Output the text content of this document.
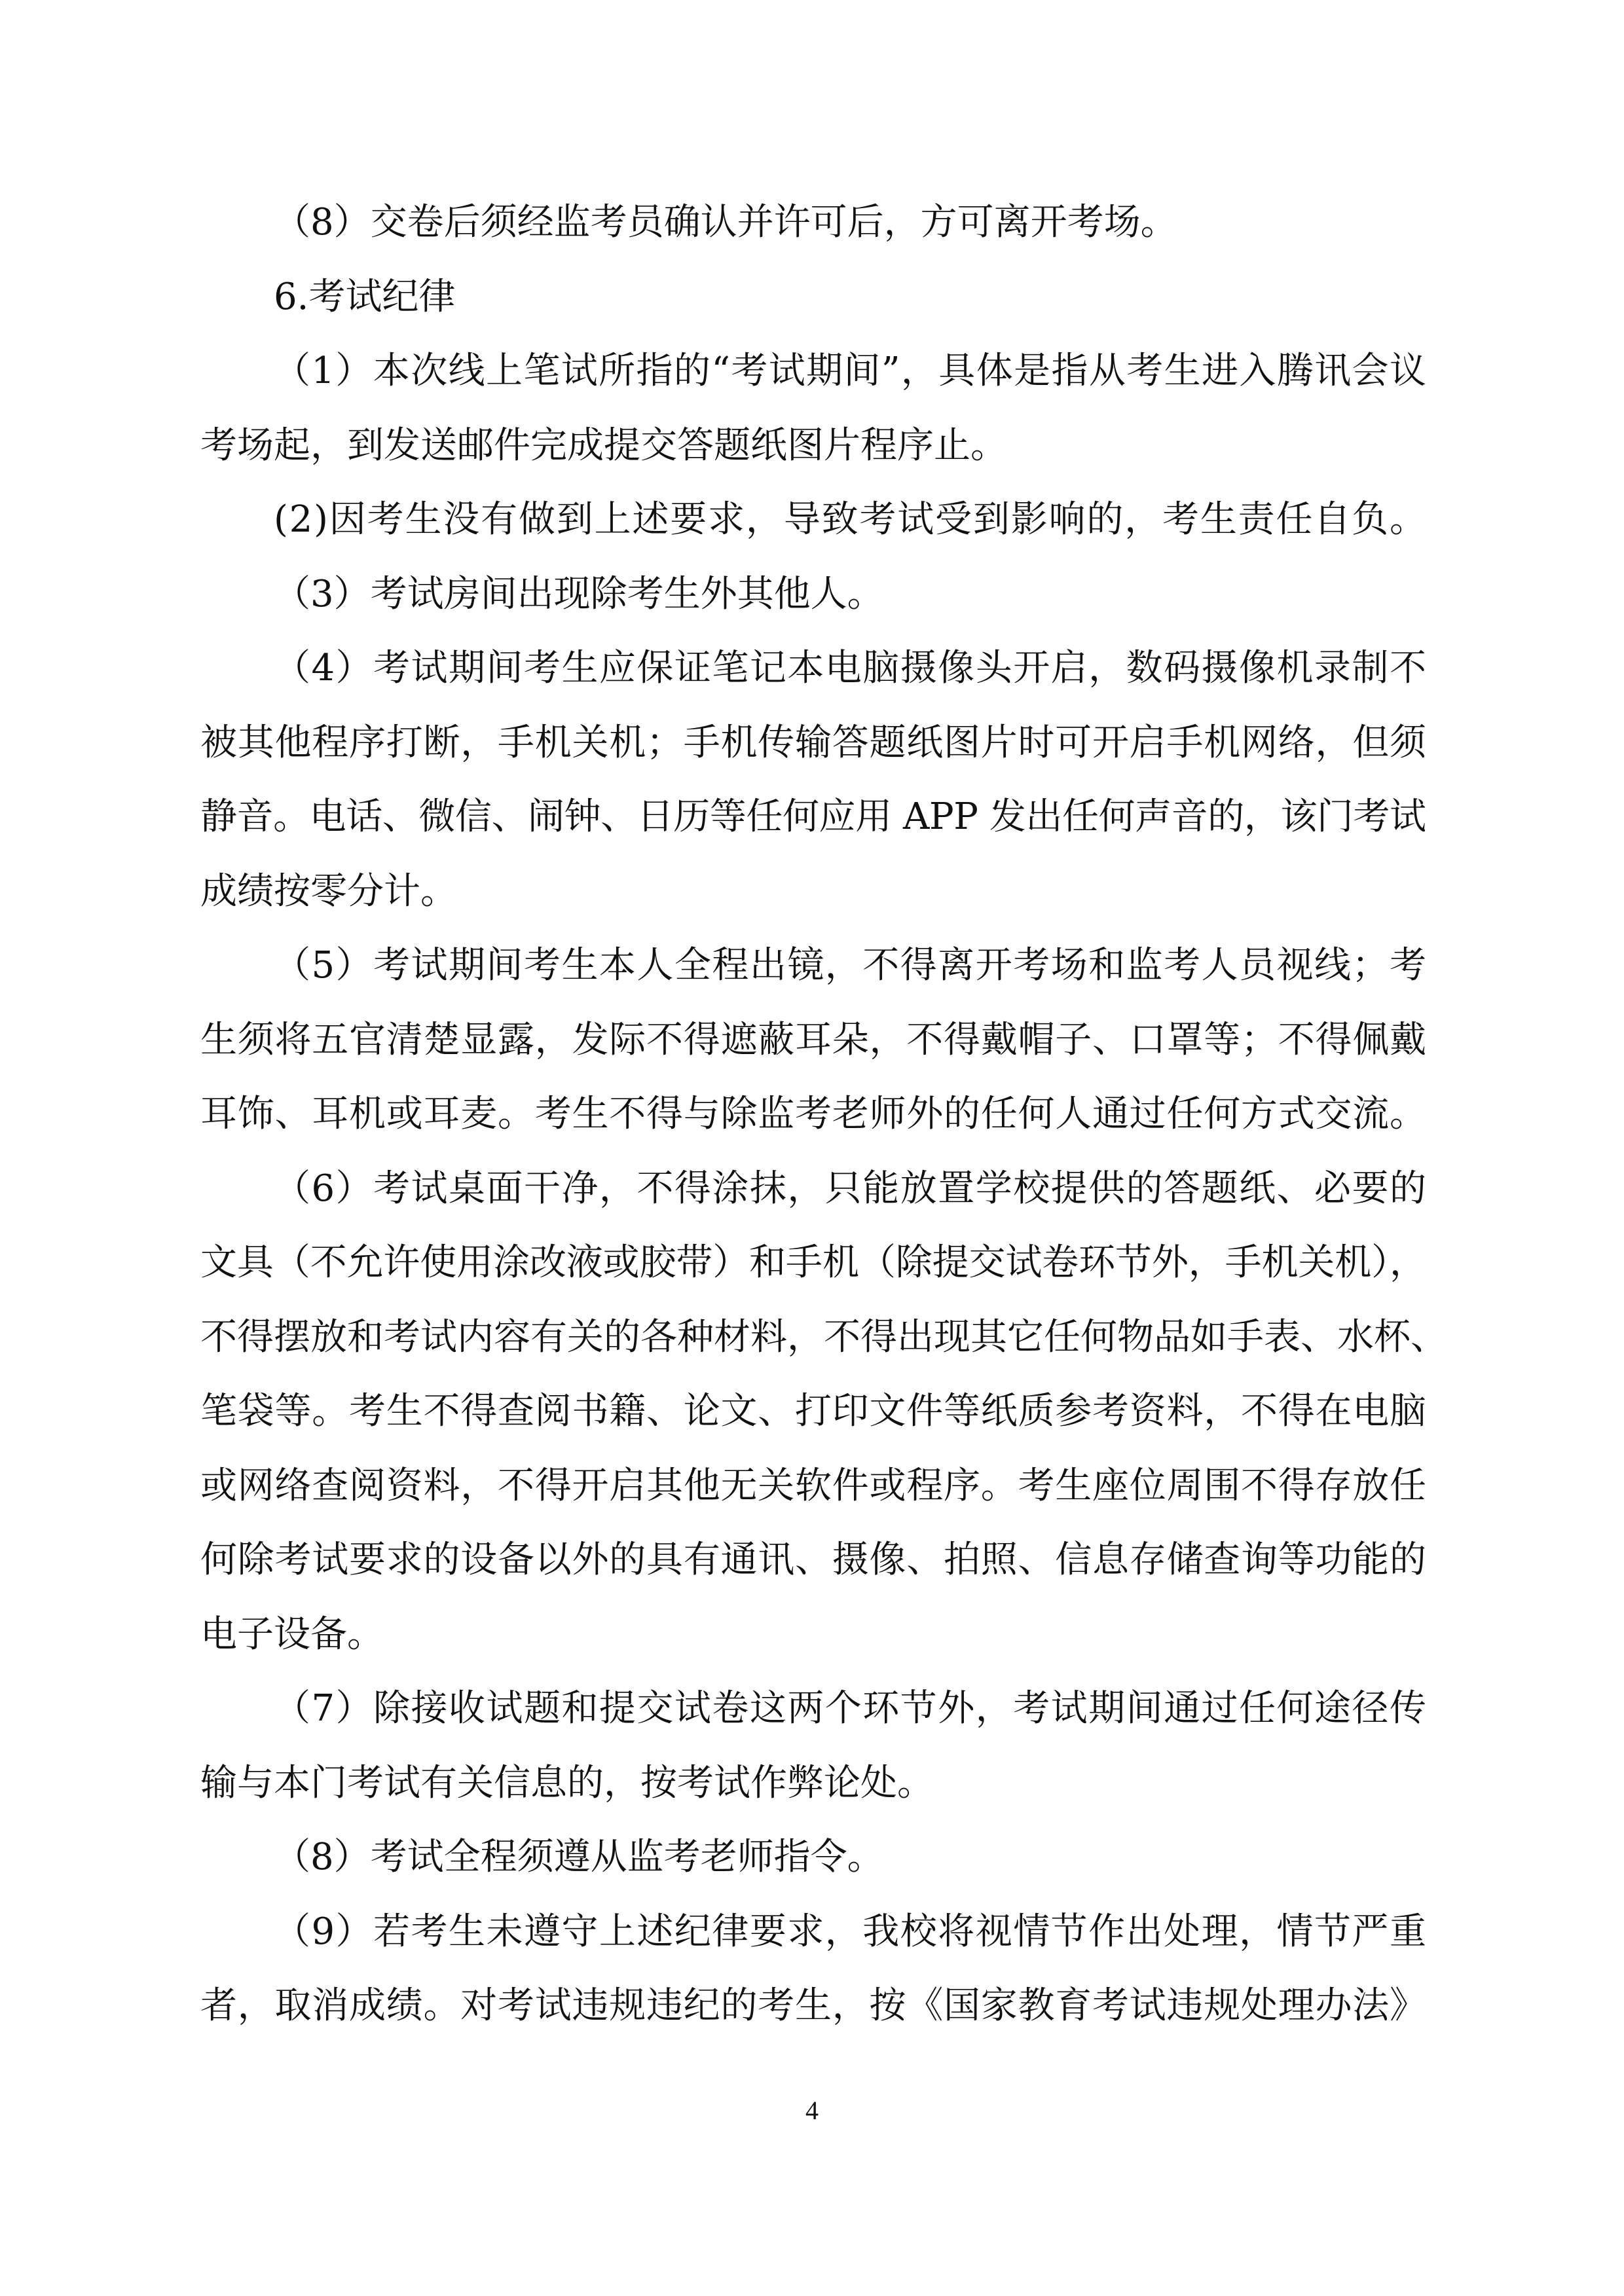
（8）交卷后须经监考员确认并许可后，方可离开考场。
6.考试纪律
（1）本次线上笔试所指的“考试期间”，具体是指从考生进入腾讯会议
考场起，到发送邮件完成提交答题纸图片程序止。
(2)因考生没有做到上述要求，导致考试受到影响的，考生责任自负。
（3）考试房间出现除考生外其他人。
（4）考试期间考生应保证笔记本电脑摄像头开启，数码摄像机录制不
被其他程序打断，手机关机；手机传输答题纸图片时可开启手机网络，但须
静音。电话、微信、闹钟、日历等任何应用 APP 发出任何声音的，该门考试
成绩按零分计。
（5）考试期间考生本人全程出镜，不得离开考场和监考人员视线；考
生须将五官清楚显露，发际不得遮蔽耳朵，不得戴帽子、口罩等；不得佩戴
耳饰、耳机或耳麦。考生不得与除监考老师外的任何人通过任何方式交流。
（6）考试桌面干净，不得涂抹，只能放置学校提供的答题纸、必要的
文具（不允许使用涂改液或胶带）和手机（除提交试卷环节外，手机关机），
不得摆放和考试内容有关的各种材料，不得出现其它任何物品如手表、水杯、
笔袋等。考生不得查阅书籍、论文、打印文件等纸质参考资料，不得在电脑
或网络查阅资料，不得开启其他无关软件或程序。考生座位周围不得存放任
何除考试要求的设备以外的具有通讯、摄像、拍照、信息存储查询等功能的
电子设备。
（7）除接收试题和提交试卷这两个环节外，考试期间通过任何途径传
输与本门考试有关信息的，按考试作弊论处。
（8）考试全程须遵从监考老师指令。
（9）若考生未遵守上述纪律要求，我校将视情节作出处理，情节严重
者，取消成绩。对考试违规违纪的考生，按《国家教育考试违规处理办法》
4
